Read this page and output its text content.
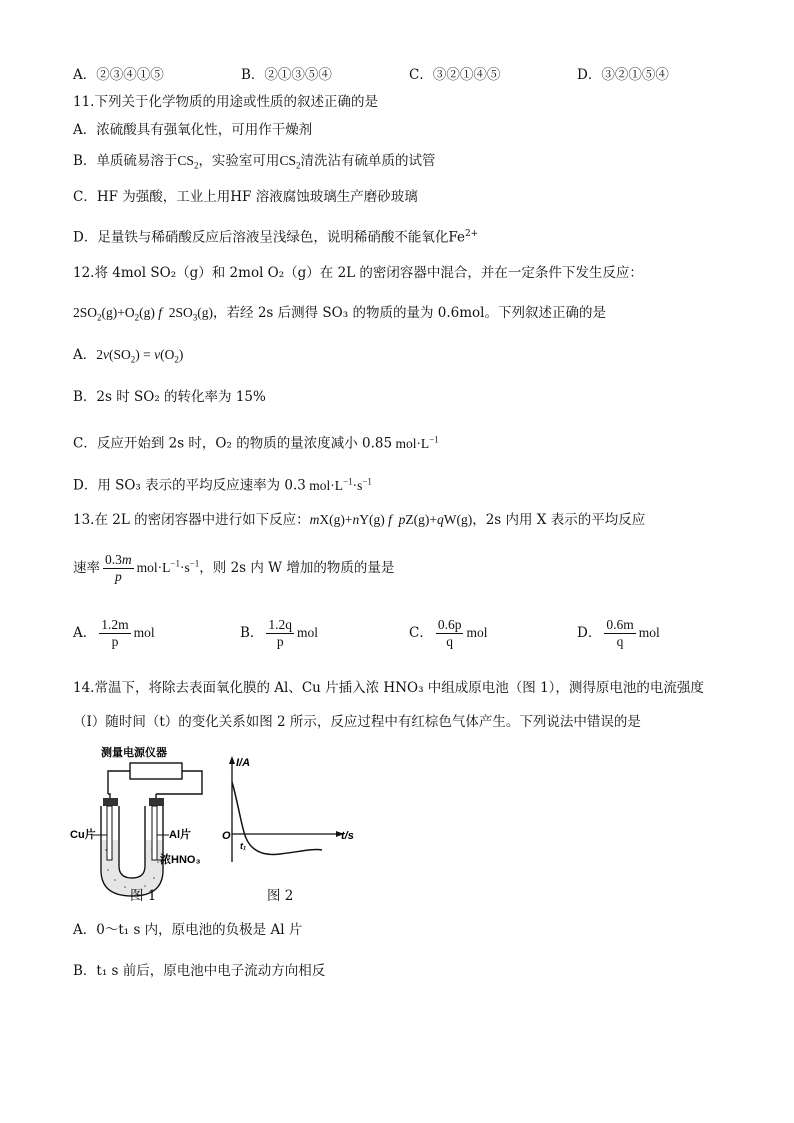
A．②③④①⑤	B．②①③⑤④	C．③②①④⑤	D．③②①⑤④
11.下列关于化学物质的用途或性质的叙述正确的是
A．浓硫酸具有强氧化性，可用作干燥剂
B．单质硫易溶于$CS_2$，实验室可用$CS_2$清洗沾有硫单质的试管
C．HF 为强酸，工业上用HF 溶液腐蚀玻璃生产磨砂玻璃
D．足量铁与稀硝酸反应后溶液呈浅绿色，说明稀硝酸不能氧化$Fe^{2+}$
12.将 4mol SO₂（g）和 2mol O₂（g）在 2L 的密闭容器中混合，并在一定条件下发生反应：
$2SO_2(g)+O_2(g)$ f  $2SO_3(g)$，若经 2s 后测得 SO₃ 的物质的量为 0.6mol。下列叙述正确的是
A．$2v(SO_2) = v(O_2)$
B．2s 时 SO₂ 的转化率为 15%
C．反应开始到 2s 时，O₂ 的物质的量浓度减小 0.85 $mol\cdot L^{-1}$
D．用 SO₃ 表示的平均反应速率为 0.3 $mol\cdot L^{-1}\cdot s^{-1}$
13.在 2L 的密闭容器中进行如下反应：mX(g)+nY(g) f pZ(g)+qW(g)，2s 内用 X 表示的平均反应
速率 $\frac{0.3m}{p} mol\cdot L^{-1}\cdot s^{-1}$，则 2s 内 W 增加的物质的量是
A． $\frac{1.2m}{p}$ mol	B． $\frac{1.2q}{p}$ mol	C． $\frac{0.6p}{q}$ mol	D． $\frac{0.6m}{q}$ mol
14.常温下，将除去表面氧化膜的 Al、Cu 片插入浓 HNO₃ 中组成原电池（图 1），测得原电池的电流强度
（I）随时间（t）的变化关系如图 2 所示，反应过程中有红棕色气体产生。下列说法中错误的是
测量电源仪器
Cu片	Al片
浓HNO₃
图 1
I/A
t/s
O
t₁
图 2
A．0～t₁ s 内，原电池的负极是 Al 片
B．t₁ s 前后，原电池中电子流动方向相反
